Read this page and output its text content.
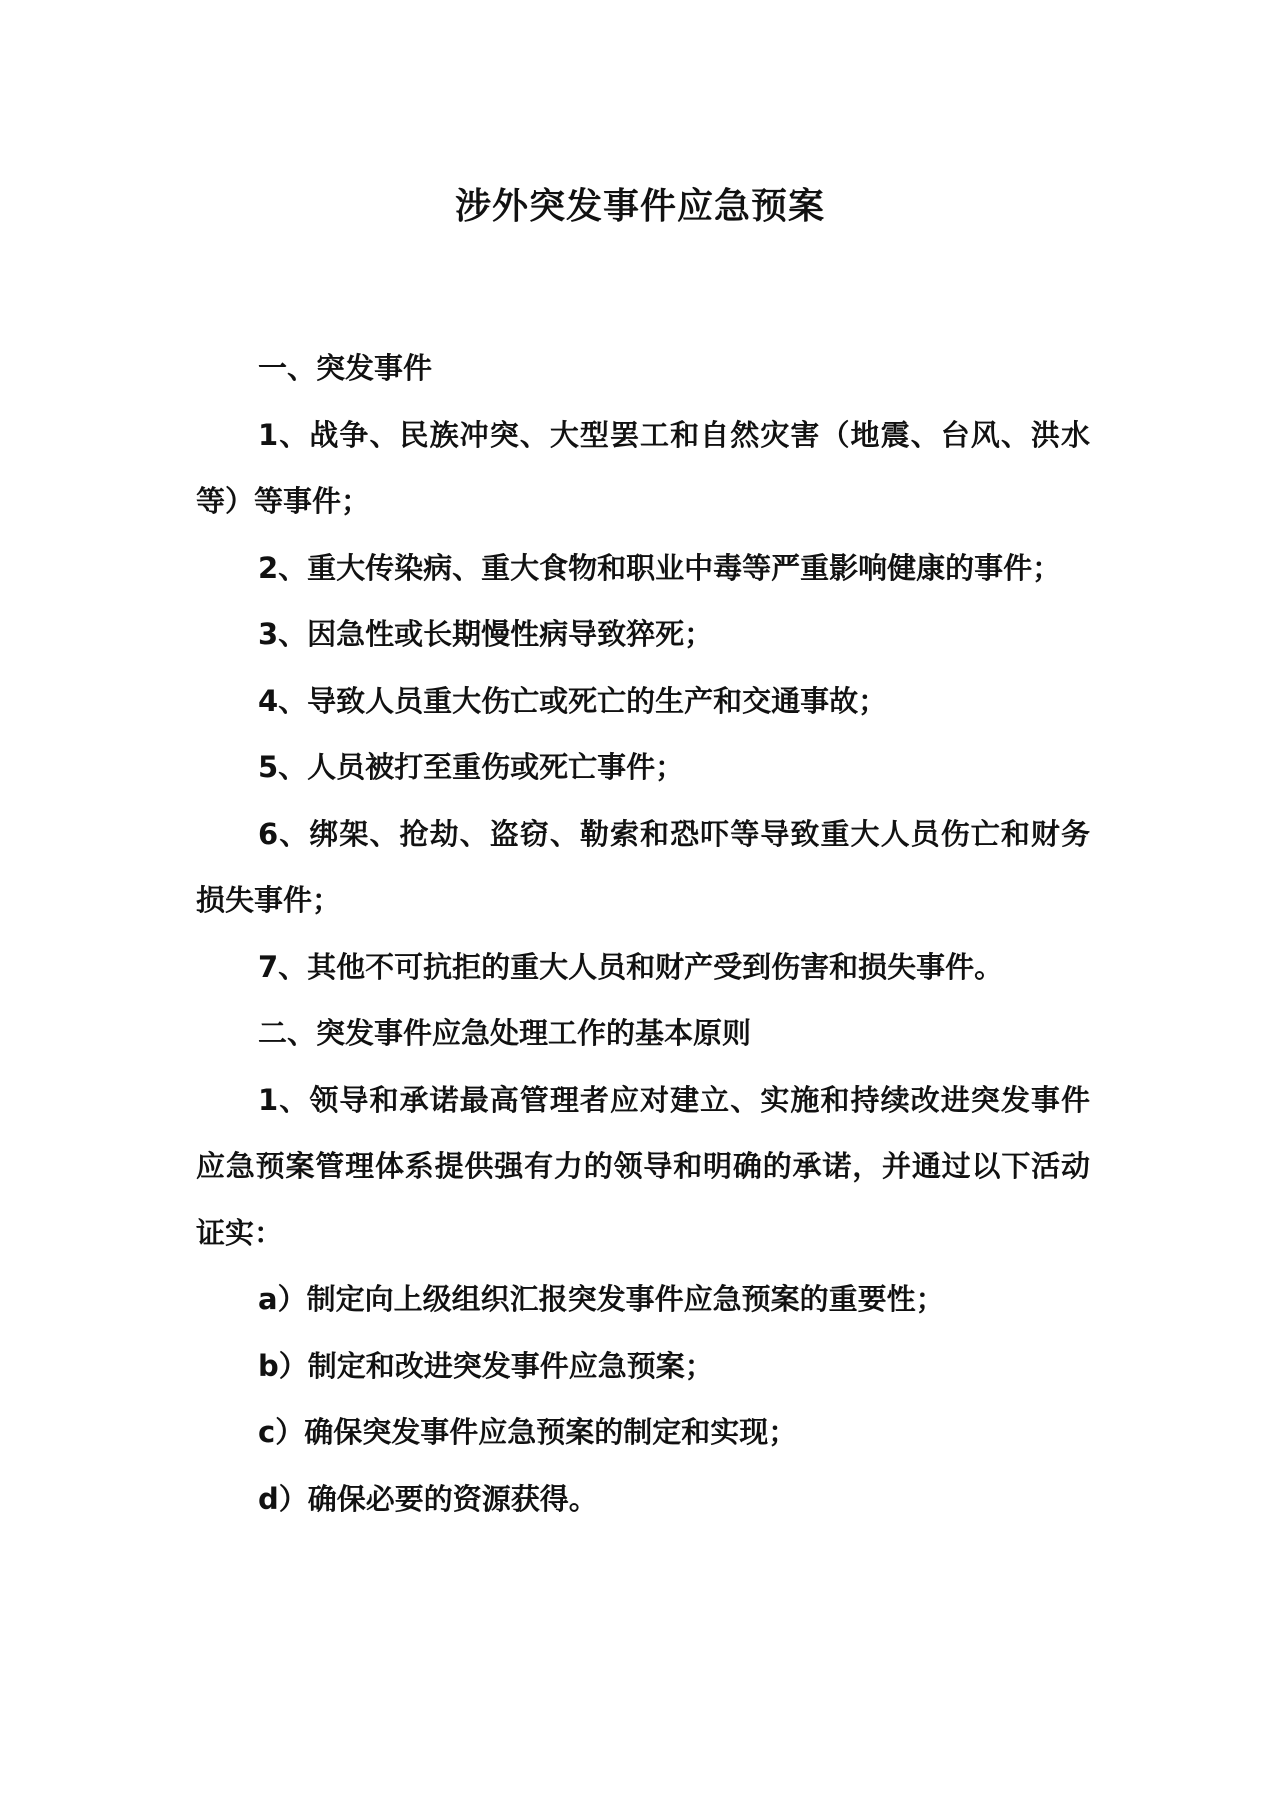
涉外突发事件应急预案

一、突发事件

1、战争、民族冲突、大型罢工和自然灾害（地震、台风、洪水等）等事件；

2、重大传染病、重大食物和职业中毒等严重影响健康的事件；

3、因急性或长期慢性病导致猝死；

4、导致人员重大伤亡或死亡的生产和交通事故；

5、人员被打至重伤或死亡事件；

6、绑架、抢劫、盗窃、勒索和恐吓等导致重大人员伤亡和财务损失事件；

7、其他不可抗拒的重大人员和财产受到伤害和损失事件。

二、突发事件应急处理工作的基本原则

1、领导和承诺最高管理者应对建立、实施和持续改进突发事件应急预案管理体系提供强有力的领导和明确的承诺，并通过以下活动证实：

a）制定向上级组织汇报突发事件应急预案的重要性；

b）制定和改进突发事件应急预案；

c）确保突发事件应急预案的制定和实现；

d）确保必要的资源获得。
